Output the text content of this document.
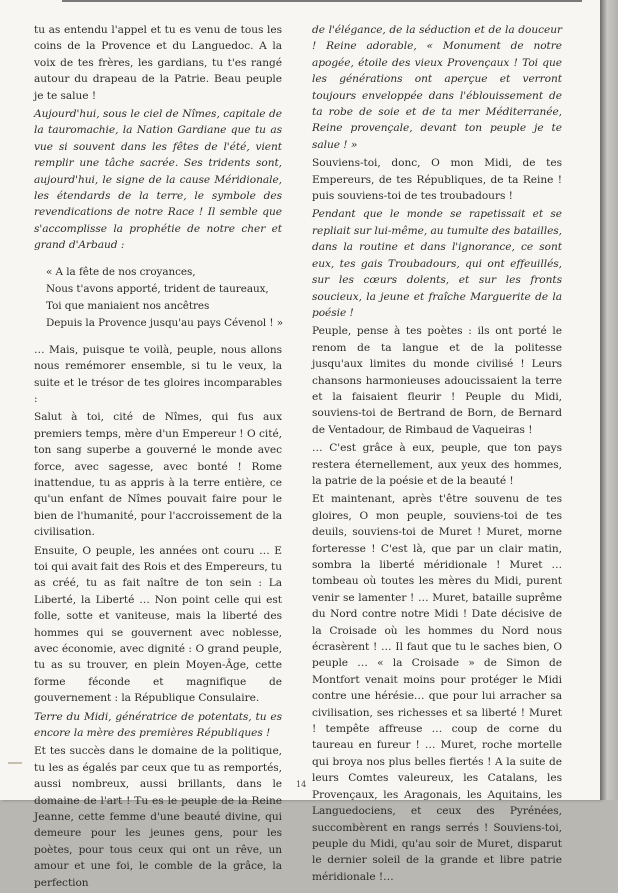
tu as entendu l'appel et tu es venu de tous les coins de la Provence et du Languedoc. A la voix de tes frères, les gardians, tu t'es rangé autour du drapeau de la Patrie. Beau peuple je te salue !

Aujourd'hui, sous le ciel de Nîmes, capitale de la tauromachie, la Nation Gardiane que tu as vue si souvent dans les fêtes de l'été, vient remplir une tâche sacrée. Ses tridents sont, aujourd'hui, le signe de la cause Méridionale, les étendards de la terre, le symbole des revendications de notre Race ! Il semble que s'accomplisse la prophétie de notre cher et grand d'Arbaud :

« A la fête de nos croyances,
Nous t'avons apporté, trident de taureaux,
Toi que maniaient nos ancêtres
Depuis la Provence jusqu'au pays Cévenol ! »

… Mais, puisque te voilà, peuple, nous allons nous remémorer ensemble, si tu le veux, la suite et le trésor de tes gloires incomparables :

Salut à toi, cité de Nîmes, qui fus aux premiers temps, mère d'un Empereur ! O cité, ton sang superbe a gouverné le monde avec force, avec sagesse, avec bonté ! Rome inattendue, tu as appris à la terre entière, ce qu'un enfant de Nîmes pouvait faire pour le bien de l'humanité, pour l'accroissement de la civilisation.

Ensuite, O peuple, les années ont couru … E toi qui avait fait des Rois et des Empereurs, tu as créé, tu as fait naître de ton sein : La Liberté, la Liberté … Non point celle qui est folle, sotte et vaniteuse, mais la liberté des hommes qui se gouvernent avec noblesse, avec économie, avec dignité : O grand peuple, tu as su trouver, en plein Moyen-Âge, cette forme féconde et magnifique de gouvernement : la République Consulaire.

Terre du Midi, génératrice de potentats, tu es encore la mère des premières Républiques !

Et tes succès dans le domaine de la politique, tu les as égalés par ceux que tu as remportés, aussi nombreux, aussi brillants, dans le domaine de l'art ! Tu es le peuple de la Reine Jeanne, cette femme d'une beauté divine, qui demeure pour les jeunes gens, pour les poètes, pour tous ceux qui ont un rêve, un amour et une foi, le comble de la grâce, la perfection

de l'élégance, de la séduction et de la douceur ! Reine adorable, « Monument de notre apogée, étoile des vieux Provençaux ! Toi que les générations ont aperçue et verront toujours enveloppée dans l'éblouissement de ta robe de soie et de ta mer Méditerranée, Reine provençale, devant ton peuple je te salue ! »

Souviens-toi, donc, O mon Midi, de tes Empereurs, de tes Républiques, de ta Reine ! puis souviens-toi de tes troubadours !

Pendant que le monde se rapetissait et se repliait sur lui-même, au tumulte des batailles, dans la routine et dans l'ignorance, ce sont eux, tes gais Troubadours, qui ont effeuillés, sur les cœurs dolents, et sur les fronts soucieux, la jeune et fraîche Marguerite de la poésie !

Peuple, pense à tes poètes : ils ont porté le renom de ta langue et de la politesse jusqu'aux limites du monde civilisé ! Leurs chansons harmonieuses adoucissaient la terre et la faisaient fleurir ! Peuple du Midi, souviens-toi de Bertrand de Born, de Bernard de Ventadour, de Rimbaud de Vaqueiras !

… C'est grâce à eux, peuple, que ton pays restera éternellement, aux yeux des hommes, la patrie de la poésie et de la beauté !

Et maintenant, après t'être souvenu de tes gloires, O mon peuple, souviens-toi de tes deuils, souviens-toi de Muret ! Muret, morne forteresse ! C'est là, que par un clair matin, sombra la liberté méridionale ! Muret … tombeau où toutes les mères du Midi, purent venir se lamenter ! … Muret, bataille suprême du Nord contre notre Midi ! Date décisive de la Croisade où les hommes du Nord nous écrasèrent ! … Il faut que tu le saches bien, O peuple … « la Croisade » de Simon de Montfort venait moins pour protéger le Midi contre une hérésie… que pour lui arracher sa civilisation, ses richesses et sa liberté ! Muret ! tempête affreuse … coup de corne du taureau en fureur ! … Muret, roche mortelle qui broya nos plus belles fiertés ! A la suite de leurs Comtes valeureux, les Catalans, les Provençaux, les Aragonais, les Aquitains, les Languedociens, et ceux des Pyrénées, succombèrent en rangs serrés ! Souviens-toi, peuple du Midi, qu'au soir de Muret, disparut le dernier soleil de la grande et libre patrie méridionale !…

14
